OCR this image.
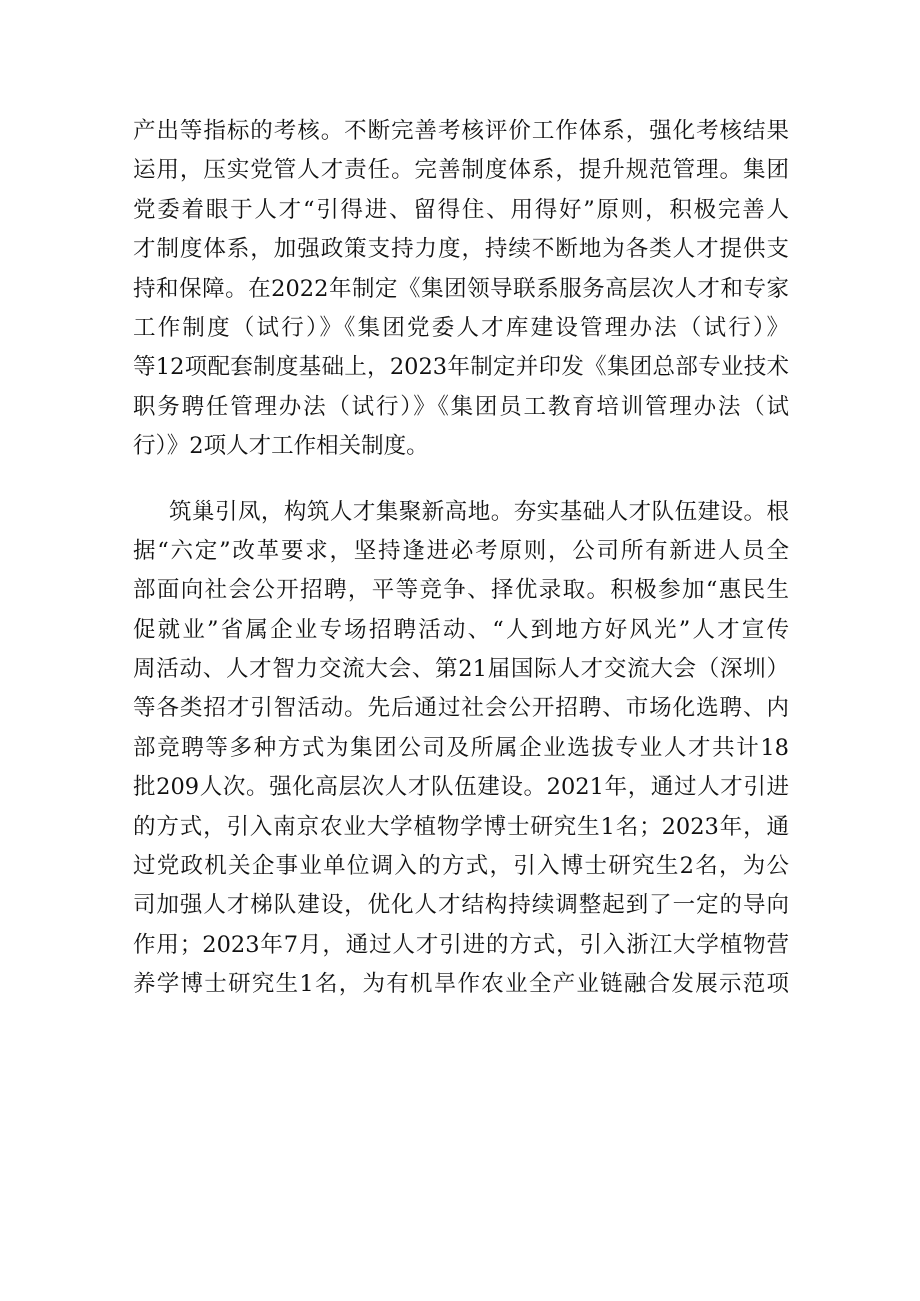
产出等指标的考核。不断完善考核评价工作体系，强化考核结果
运用，压实党管人才责任。完善制度体系，提升规范管理。集团
党委着眼于人才“引得进、留得住、用得好”原则，积极完善人
才制度体系，加强政策支持力度，持续不断地为各类人才提供支
持和保障。在2022年制定《集团领导联系服务高层次人才和专家
工作制度（试行）》《集团党委人才库建设管理办法（试行）》
等12项配套制度基础上，2023年制定并印发《集团总部专业技术
职务聘任管理办法（试行）》《集团员工教育培训管理办法（试
行）》2项人才工作相关制度。
筑巢引凤，构筑人才集聚新高地。夯实基础人才队伍建设。根
据“六定”改革要求，坚持逢进必考原则，公司所有新进人员全
部面向社会公开招聘，平等竞争、择优录取。积极参加“惠民生
促就业”省属企业专场招聘活动、“人到地方好风光”人才宣传
周活动、人才智力交流大会、第21届国际人才交流大会（深圳）
等各类招才引智活动。先后通过社会公开招聘、市场化选聘、内
部竞聘等多种方式为集团公司及所属企业选拔专业人才共计18
批209人次。强化高层次人才队伍建设。2021年，通过人才引进
的方式，引入南京农业大学植物学博士研究生1名；2023年，通
过党政机关企事业单位调入的方式，引入博士研究生2名，为公
司加强人才梯队建设，优化人才结构持续调整起到了一定的导向
作用；2023年7月，通过人才引进的方式，引入浙江大学植物营
养学博士研究生1名，为有机旱作农业全产业链融合发展示范项
